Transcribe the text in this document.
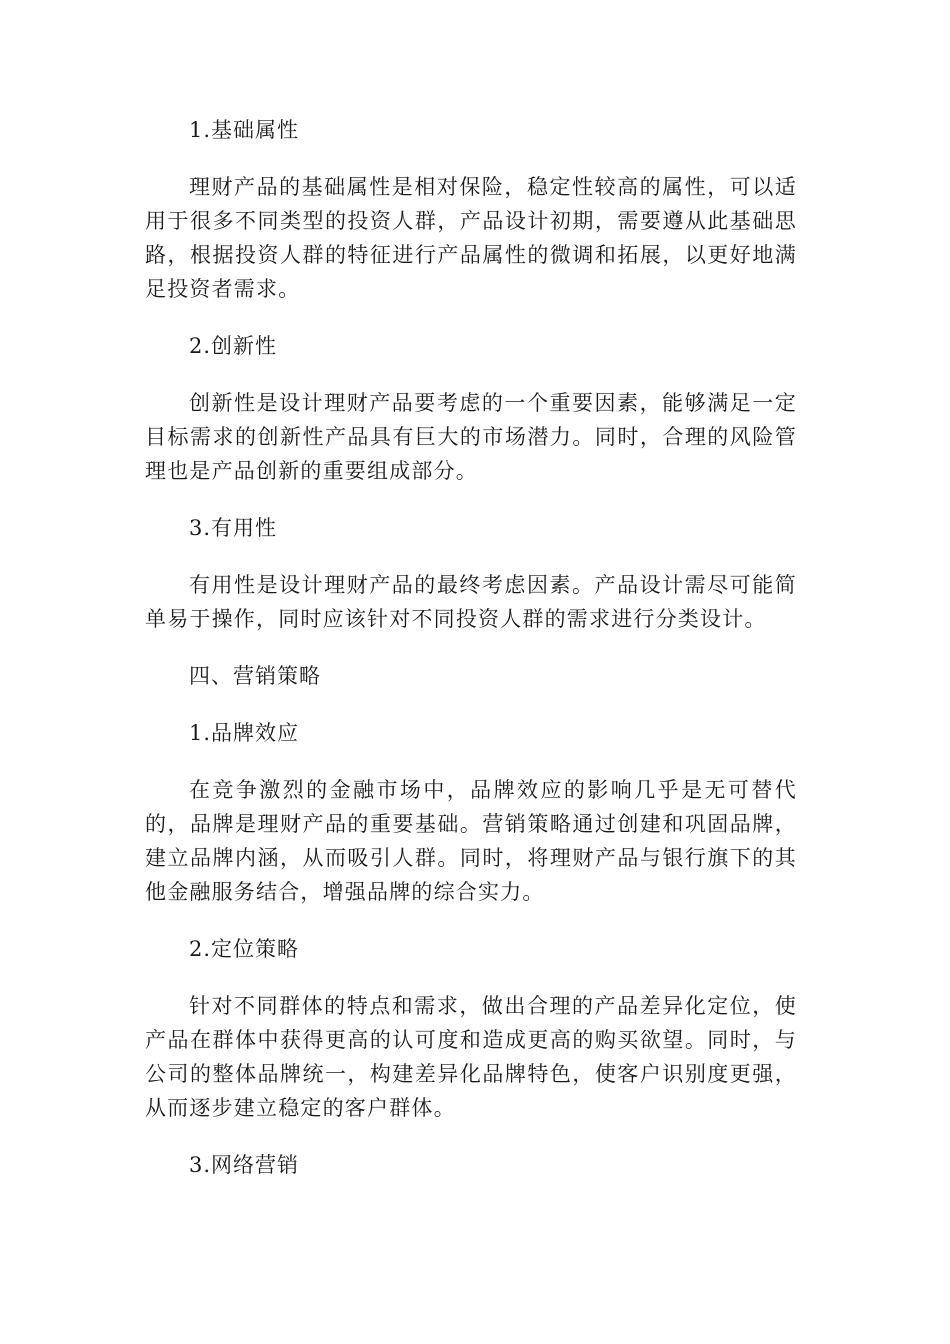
1.基础属性

理财产品的基础属性是相对保险，稳定性较高的属性，可以适用于很多不同类型的投资人群，产品设计初期，需要遵从此基础思路，根据投资人群的特征进行产品属性的微调和拓展，以更好地满足投资者需求。

2.创新性

创新性是设计理财产品要考虑的一个重要因素，能够满足一定目标需求的创新性产品具有巨大的市场潜力。同时，合理的风险管理也是产品创新的重要组成部分。

3.有用性

有用性是设计理财产品的最终考虑因素。产品设计需尽可能简单易于操作，同时应该针对不同投资人群的需求进行分类设计。

四、营销策略
1.品牌效应

在竞争激烈的金融市场中，品牌效应的影响几乎是无可替代的，品牌是理财产品的重要基础。营销策略通过创建和巩固品牌，建立品牌内涵，从而吸引人群。同时，将理财产品与银行旗下的其他金融服务结合，增强品牌的综合实力。

2.定位策略

针对不同群体的特点和需求，做出合理的产品差异化定位，使产品在群体中获得更高的认可度和造成更高的购买欲望。同时，与公司的整体品牌统一，构建差异化品牌特色，使客户识别度更强，从而逐步建立稳定的客户群体。

3.网络营销
